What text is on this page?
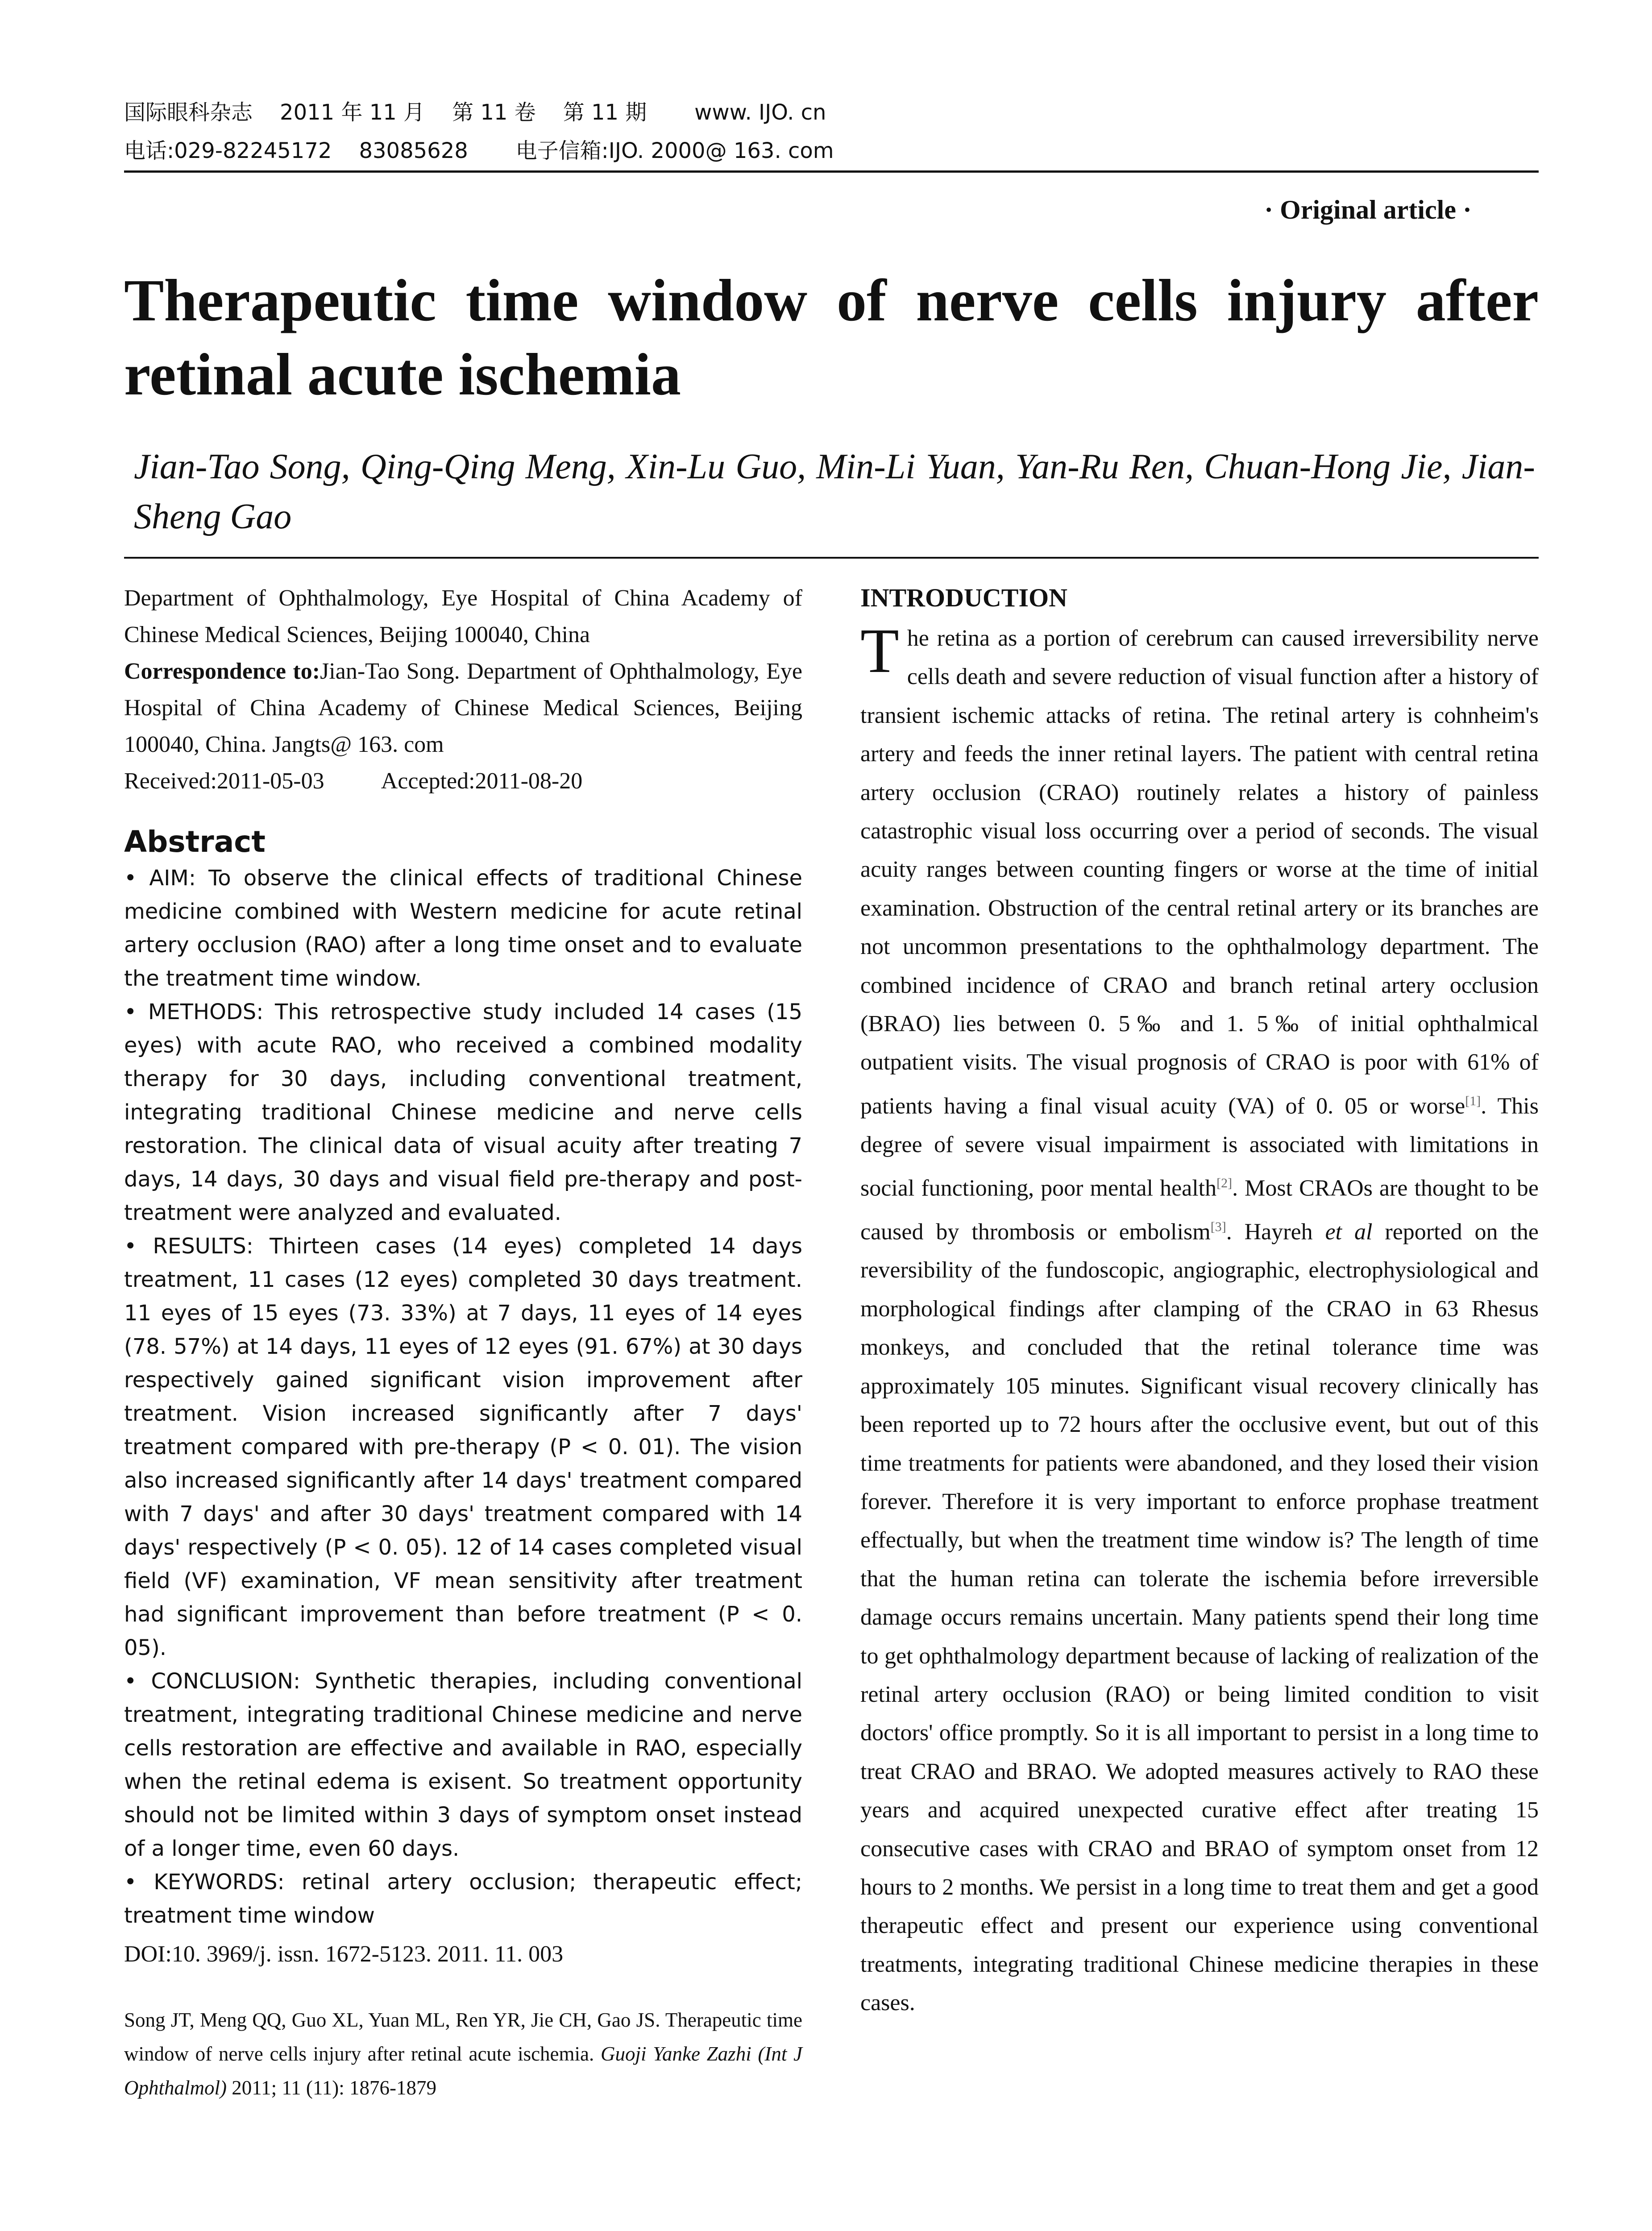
国际眼科杂志    2011 年 11 月    第 11 卷    第 11 期       www. IJO. cn
电话:029-82245172    83085628       电子信箱:IJO. 2000@ 163. com
· Original article ·
Therapeutic time window of nerve cells injury after retinal acute ischemia
Jian-Tao Song, Qing-Qing Meng, Xin-Lu Guo, Min-Li Yuan, Yan-Ru Ren, Chuan-Hong Jie, Jian-Sheng Gao
Department of Ophthalmology, Eye Hospital of China Academy of Chinese Medical Sciences, Beijing 100040, China
Correspondence to:Jian-Tao Song. Department of Ophthalmology, Eye Hospital of China Academy of Chinese Medical Sciences, Beijing 100040, China. Jangts@ 163. com
Received:2011-05-03 Accepted:2011-08-20
Abstract

• AIM: To observe the clinical effects of traditional Chinese medicine combined with Western medicine for acute retinal artery occlusion (RAO) after a long time onset and to evaluate the treatment time window.

• METHODS: This retrospective study included 14 cases (15 eyes) with acute RAO, who received a combined modality therapy for 30 days, including conventional treatment, integrating traditional Chinese medicine and nerve cells restoration. The clinical data of visual acuity after treating 7 days, 14 days, 30 days and visual field pre-therapy and post-treatment were analyzed and evaluated.

• RESULTS: Thirteen cases (14 eyes) completed 14 days treatment, 11 cases (12 eyes) completed 30 days treatment. 11 eyes of 15 eyes (73. 33%) at 7 days, 11 eyes of 14 eyes (78. 57%) at 14 days, 11 eyes of 12 eyes (91. 67%) at 30 days respectively gained significant vision improvement after treatment. Vision increased significantly after 7 days' treatment compared with pre-therapy (P < 0. 01). The vision also increased significantly after 14 days' treatment compared with 7 days' and after 30 days' treatment compared with 14 days' respectively (P < 0. 05). 12 of 14 cases completed visual field (VF) examination, VF mean sensitivity after treatment had significant improvement than before treatment (P < 0. 05).

• CONCLUSION: Synthetic therapies, including conventional treatment, integrating traditional Chinese medicine and nerve cells restoration are effective and available in RAO, especially when the retinal edema is exisent. So treatment opportunity should not be limited within 3 days of symptom onset instead of a longer time, even 60 days.

• KEYWORDS: retinal artery occlusion; therapeutic effect; treatment time window

DOI:10. 3969/j. issn. 1672-5123. 2011. 11. 003
Song JT, Meng QQ, Guo XL, Yuan ML, Ren YR, Jie CH, Gao JS. Therapeutic time window of nerve cells injury after retinal acute ischemia. Guoji Yanke Zazhi (Int J Ophthalmol) 2011; 11 (11): 1876-1879
INTRODUCTION
The retina as a portion of cerebrum can caused irreversibility nerve cells death and severe reduction of visual function after a history of transient ischemic attacks of retina. The retinal artery is cohnheim's artery and feeds the inner retinal layers. The patient with central retina artery occlusion (CRAO) routinely relates a history of painless catastrophic visual loss occurring over a period of seconds. The visual acuity ranges between counting fingers or worse at the time of initial examination. Obstruction of the central retinal artery or its branches are not uncommon presentations to the ophthalmology department. The combined incidence of CRAO and branch retinal artery occlusion (BRAO) lies between 0. 5‰ and 1. 5‰ of initial ophthalmical outpatient visits. The visual prognosis of CRAO is poor with 61% of patients having a final visual acuity (VA) of 0. 05 or worse[1]. This degree of severe visual impairment is associated with limitations in social functioning, poor mental health[2]. Most CRAOs are thought to be caused by thrombosis or embolism[3]. Hayreh et al reported on the reversibility of the fundoscopic, angiographic, electrophysiological and morphological findings after clamping of the CRAO in 63 Rhesus monkeys, and concluded that the retinal tolerance time was approximately 105 minutes. Significant visual recovery clinically has been reported up to 72 hours after the occlusive event, but out of this time treatments for patients were abandoned, and they losed their vision forever. Therefore it is very important to enforce prophase treatment effectually, but when the treatment time window is? The length of time that the human retina can tolerate the ischemia before irreversible damage occurs remains uncertain. Many patients spend their long time to get ophthalmology department because of lacking of realization of the retinal artery occlusion (RAO) or being limited condition to visit doctors' office promptly. So it is all important to persist in a long time to treat CRAO and BRAO. We adopted measures actively to RAO these years and acquired unexpected curative effect after treating 15 consecutive cases with CRAO and BRAO of symptom onset from 12 hours to 2 months. We persist in a long time to treat them and get a good therapeutic effect and present our experience using conventional treatments, integrating traditional Chinese medicine therapies in these cases.
